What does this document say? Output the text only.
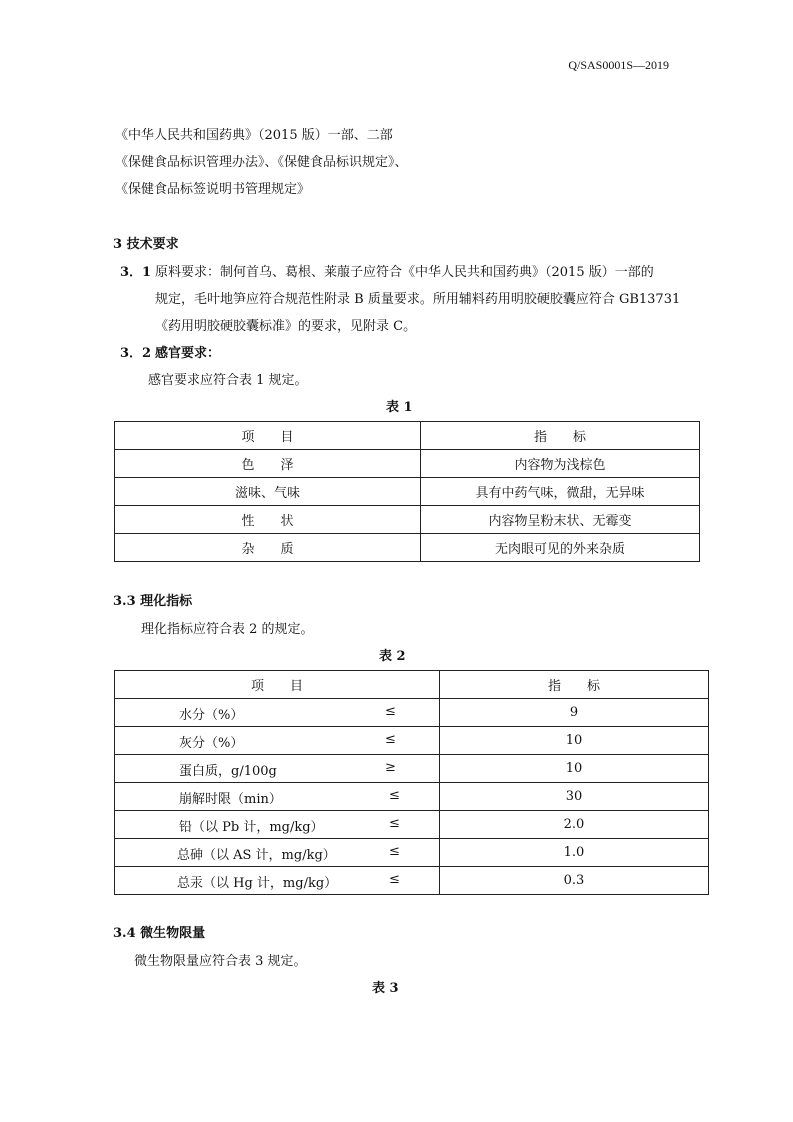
Q/SAS0001S—2019
《中华人民共和国药典》（2015 版）一部、二部
《保健食品标识管理办法》、《保健食品标识规定》、
《保健食品标签说明书管理规定》
3 技术要求
3．1 原料要求：制何首乌、葛根、莱菔子应符合《中华人民共和国药典》（2015 版）一部的
规定，毛叶地笋应符合规范性附录 B 质量要求。所用辅料药用明胶硬胶囊应符合 GB13731
《药用明胶硬胶囊标准》的要求，见附录 C。
3．2 感官要求：
感官要求应符合表 1 规定。
表 1
项　　目	指　　标
色　　泽	内容物为浅棕色
滋味、气味	具有中药气味，微甜，无异味
性　　状	内容物呈粉末状、无霉变
杂　　质	无肉眼可见的外来杂质
3.3 理化指标
理化指标应符合表 2 的规定。
表 2
项　　目	指　　标

水分（%） ≤	9

灰分（%） ≤	10

蛋白质，g/100g ≥	10

崩解时限（min） ≤	30

铅（以 Pb 计，mg/kg） ≤	2.0

总砷（以 AS 计，mg/kg） ≤	1.0

总汞（以 Hg 计，mg/kg） ≤	0.3
3.4 微生物限量
微生物限量应符合表 3 规定。
表 3
